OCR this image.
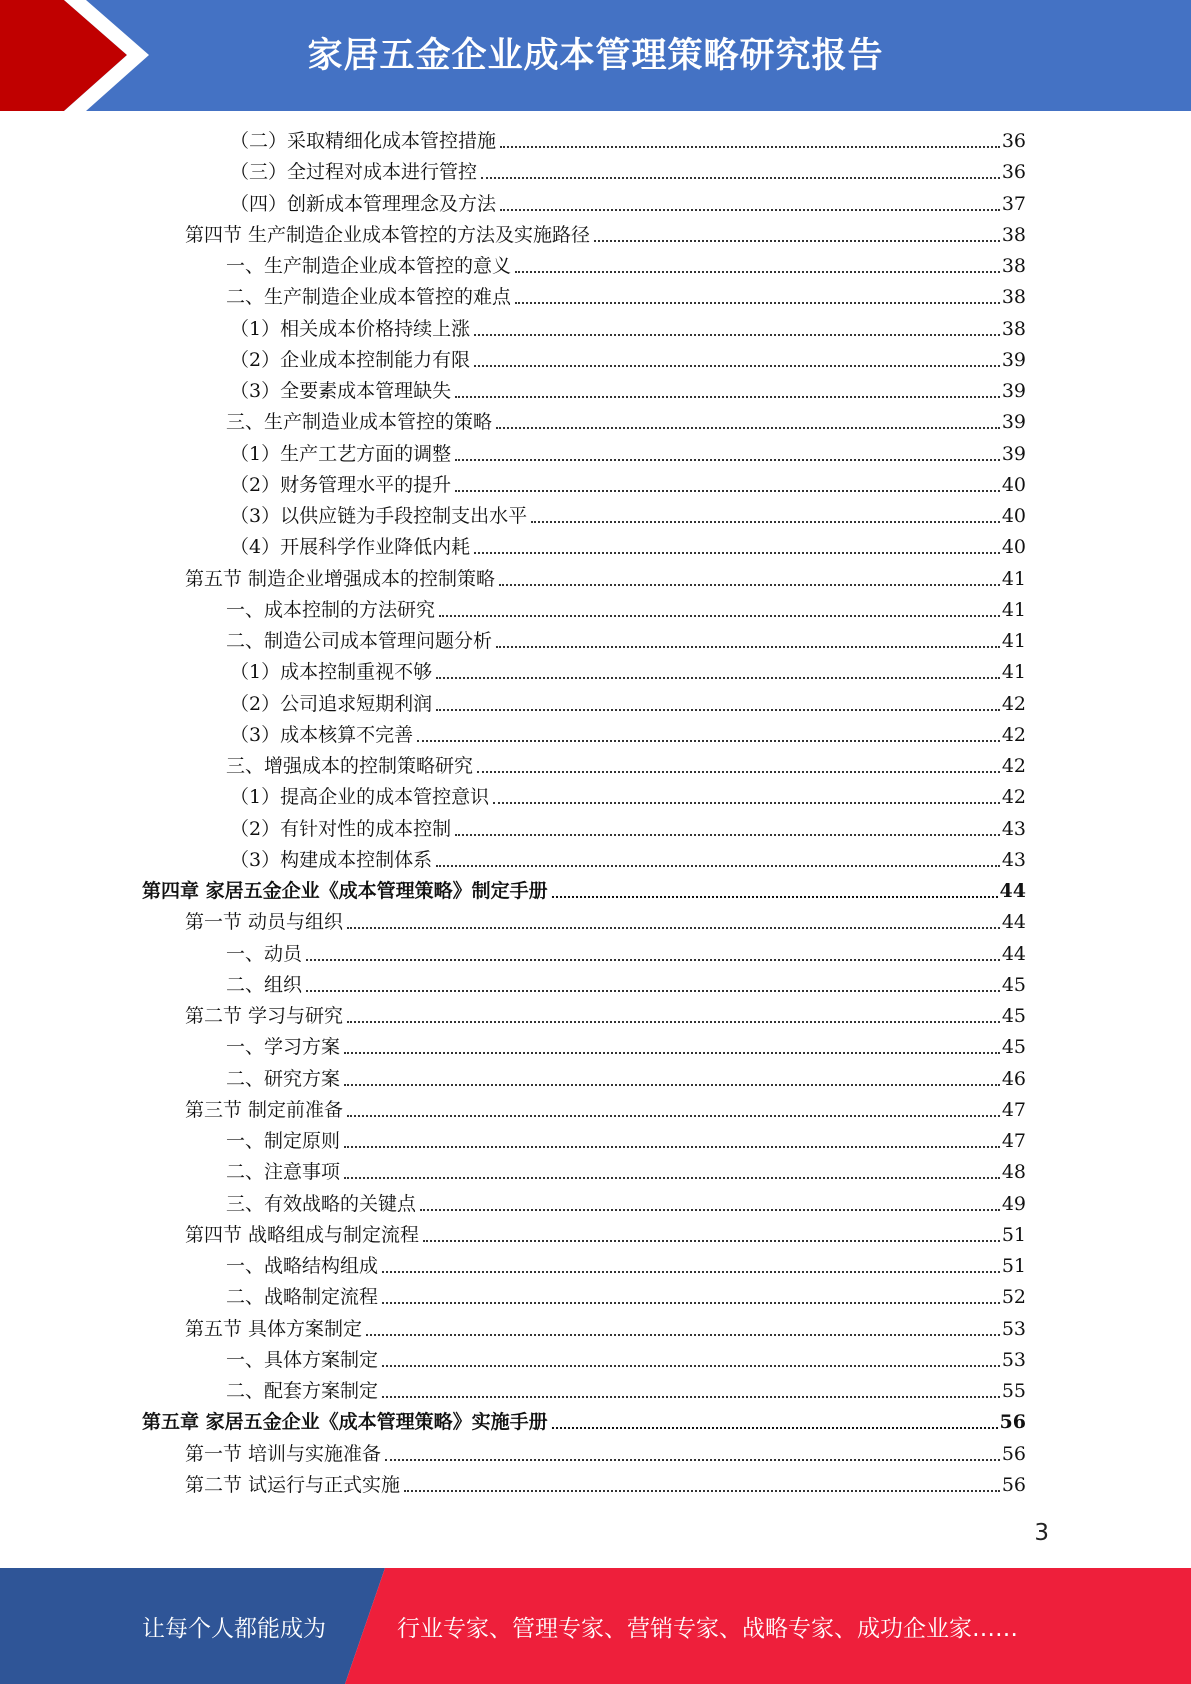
家居五金企业成本管理策略研究报告
（二）采取精细化成本管控措施	36
（三）全过程对成本进行管控	36
（四）创新成本管理理念及方法	37
第四节 生产制造企业成本管控的方法及实施路径	38
一、生产制造企业成本管控的意义	38
二、生产制造企业成本管控的难点	38
（1）相关成本价格持续上涨	38
（2）企业成本控制能力有限	39
（3）全要素成本管理缺失	39
三、生产制造业成本管控的策略	39
（1）生产工艺方面的调整	39
（2）财务管理水平的提升	40
（3）以供应链为手段控制支出水平	40
（4）开展科学作业降低内耗	40
第五节 制造企业增强成本的控制策略	41
一、成本控制的方法研究	41
二、制造公司成本管理问题分析	41
（1）成本控制重视不够	41
（2）公司追求短期利润	42
（3）成本核算不完善	42
三、增强成本的控制策略研究	42
（1）提高企业的成本管控意识	42
（2）有针对性的成本控制	43
（3）构建成本控制体系	43
第四章 家居五金企业《成本管理策略》制定手册	44
第一节 动员与组织	44
一、动员	44
二、组织	45
第二节 学习与研究	45
一、学习方案	45
二、研究方案	46
第三节 制定前准备	47
一、制定原则	47
二、注意事项	48
三、有效战略的关键点	49
第四节 战略组成与制定流程	51
一、战略结构组成	51
二、战略制定流程	52
第五节 具体方案制定	53
一、具体方案制定	53
二、配套方案制定	55
第五章 家居五金企业《成本管理策略》实施手册	56
第一节 培训与实施准备	56
第二节 试运行与正式实施	56
3
让每个人都能成为	行业专家、管理专家、营销专家、战略专家、成功企业家……
